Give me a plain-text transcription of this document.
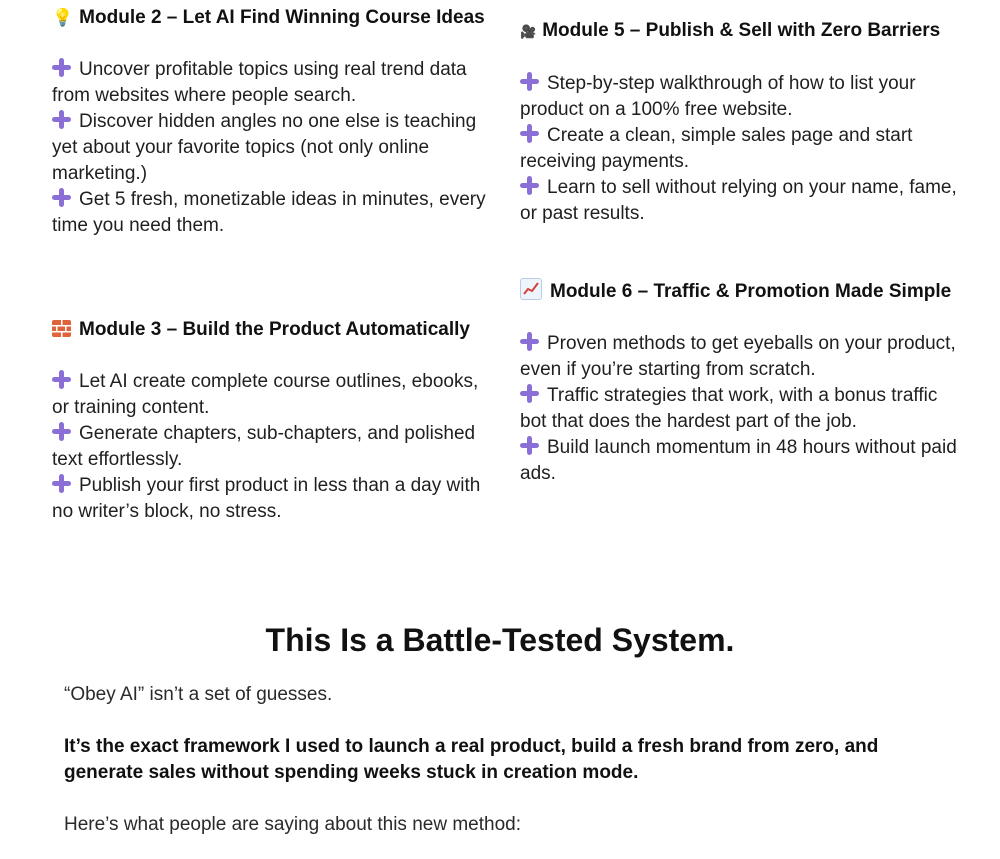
💡 Module 2 – Let AI Find Winning Course Ideas
Uncover profitable topics using real trend data from websites where people search.
Discover hidden angles no one else is teaching yet about your favorite topics (not only online marketing.)
Get 5 fresh, monetizable ideas in minutes, every time you need them.
Module 3 – Build the Product Automatically
Let AI create complete course outlines, ebooks, or training content.
Generate chapters, sub-chapters, and polished text effortlessly.
Publish your first product in less than a day with no writer’s block, no stress.
🎥 Module 5 – Publish & Sell with Zero Barriers
Step-by-step walkthrough of how to list your product on a 100% free website.
Create a clean, simple sales page and start receiving payments.
Learn to sell without relying on your name, fame, or past results.
Module 6 – Traffic & Promotion Made Simple
Proven methods to get eyeballs on your product, even if you’re starting from scratch.
Traffic strategies that work, with a bonus traffic bot that does the hardest part of the job.
Build launch momentum in 48 hours without paid ads.
This Is a Battle-Tested System.

“Obey AI” isn’t a set of guesses.

It’s the exact framework I used to launch a real product, build a fresh brand from zero, and generate sales without spending weeks stuck in creation mode.

Here’s what people are saying about this new method:
